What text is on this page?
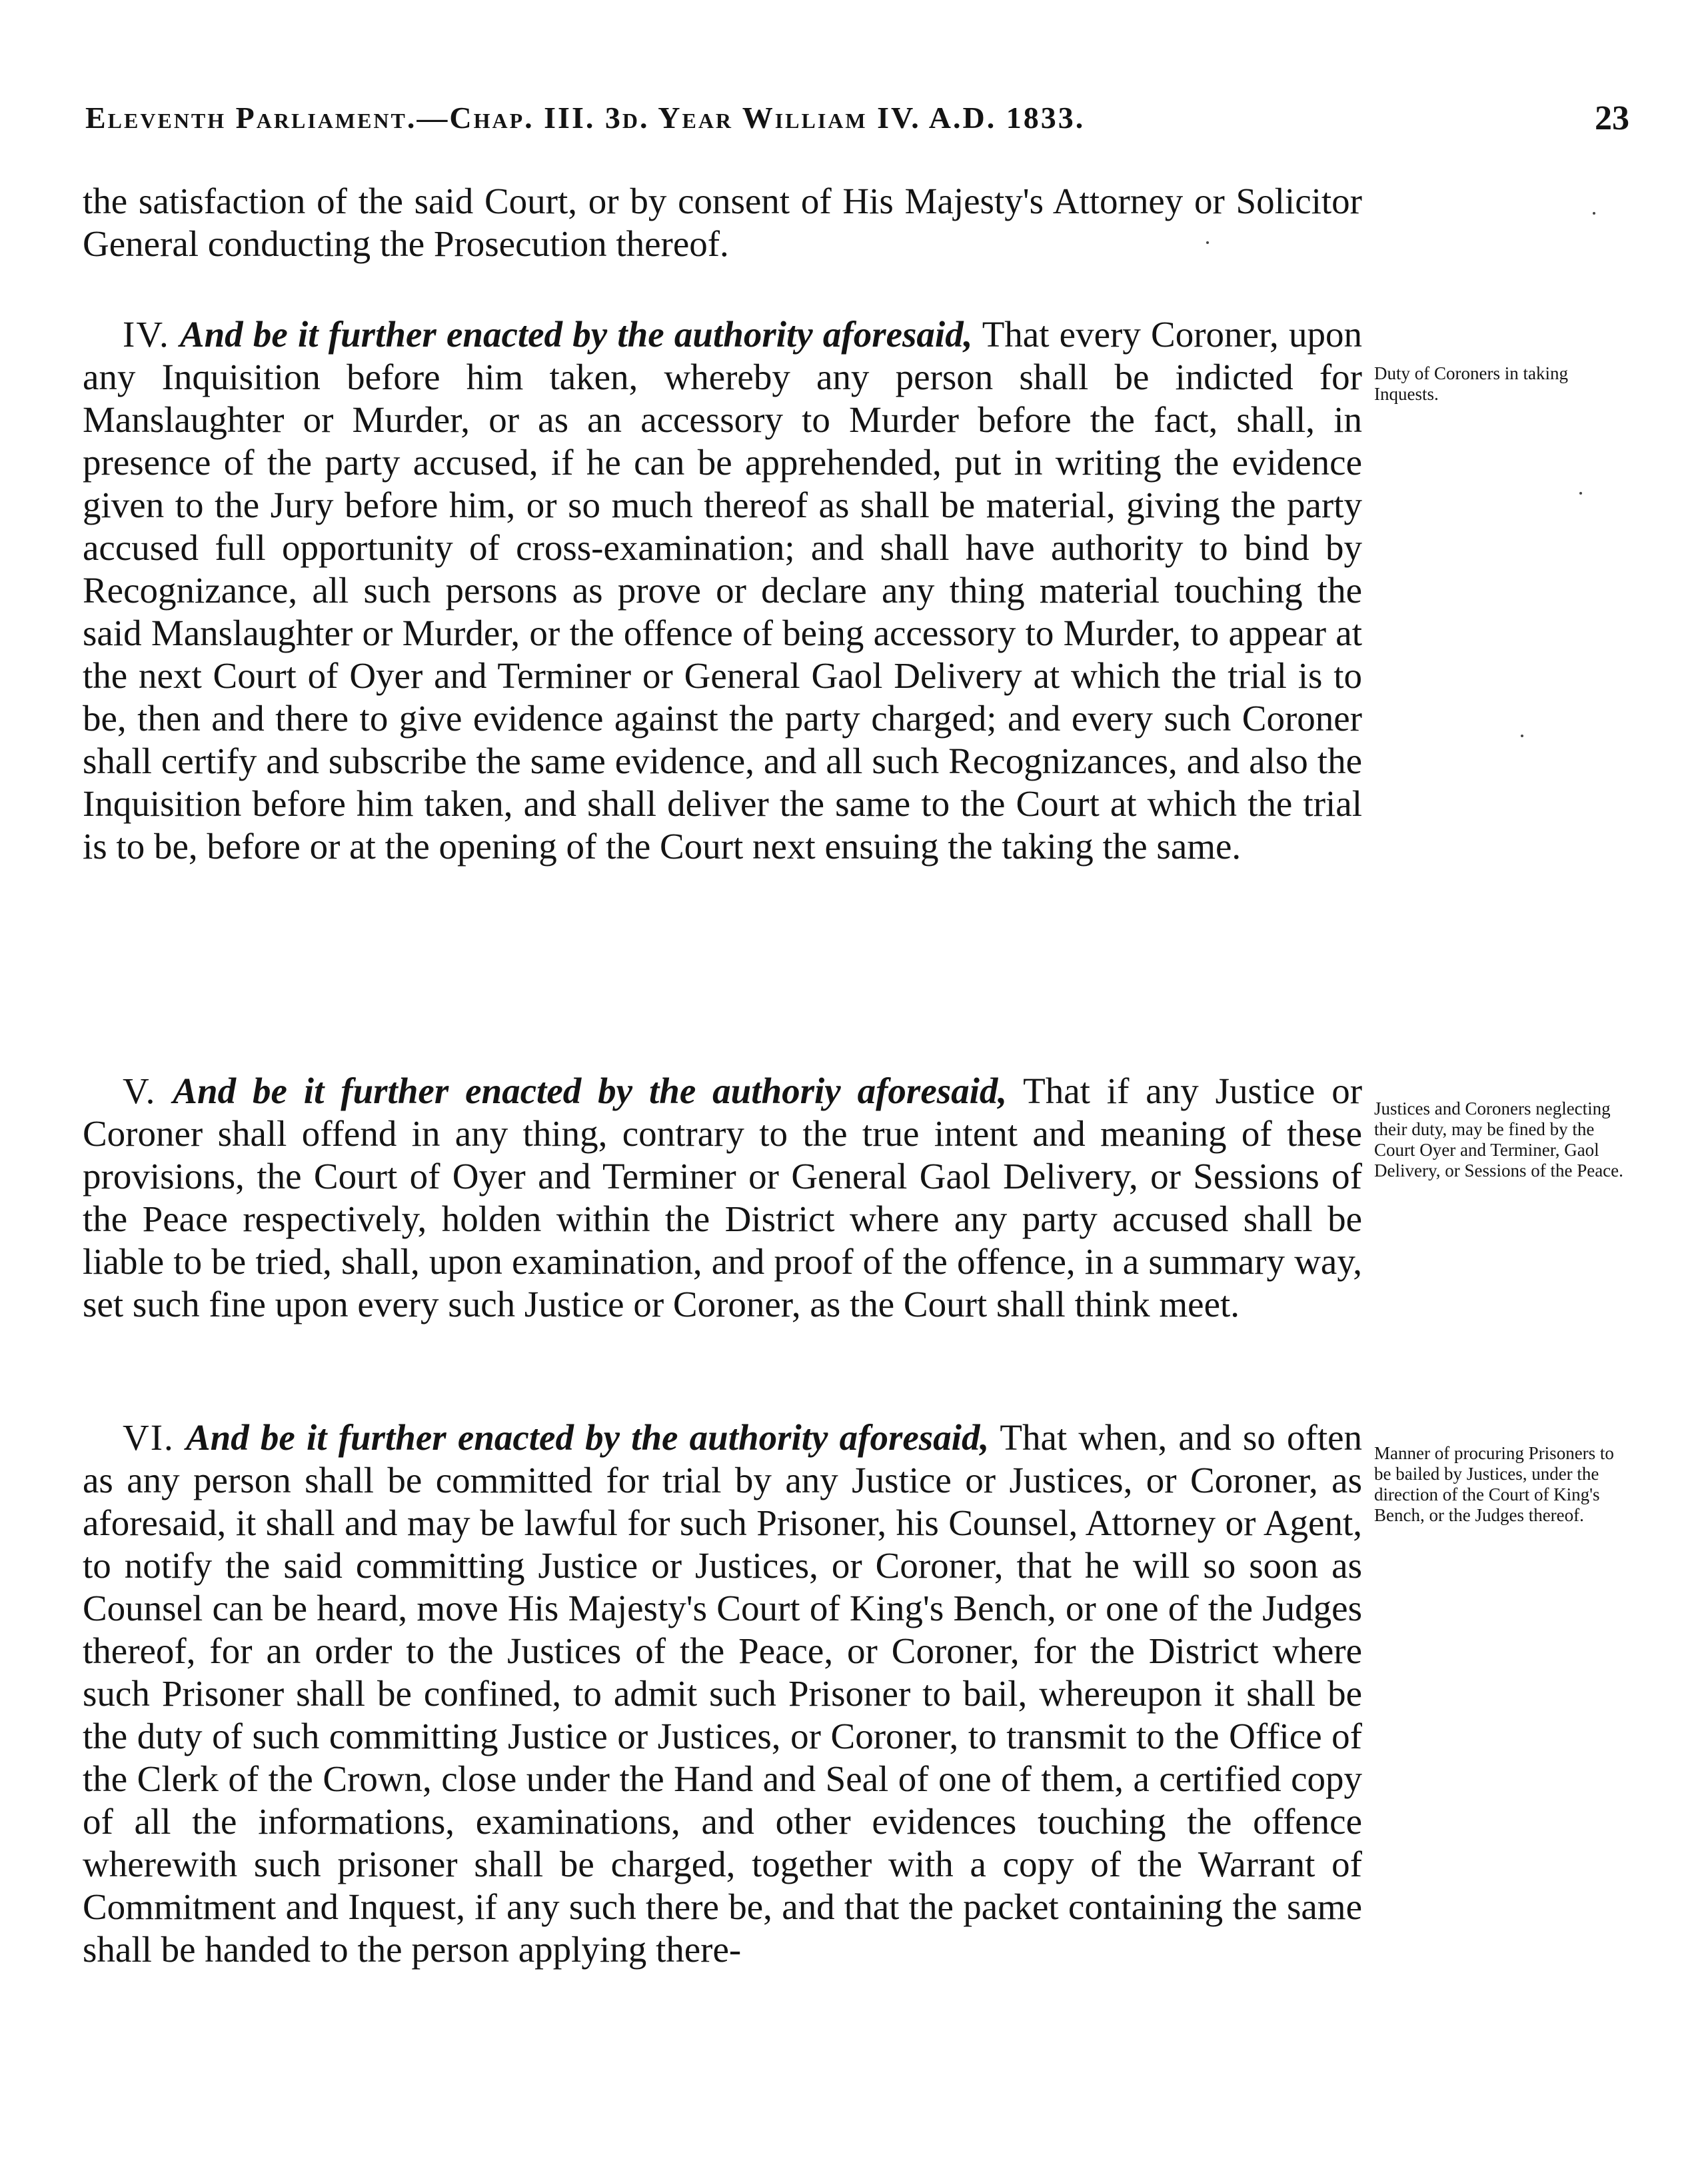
Eleventh Parliament.—Chap. III. 3d. Year William IV. A.D. 1833.	23

the satisfaction of the said Court, or by consent of His Majesty's Attorney or Solicitor General conducting the Prosecution thereof.

IV. And be it further enacted by the authority aforesaid, That every Coroner, upon any Inquisition before him taken, whereby any person shall be indicted for Manslaughter or Murder, or as an accessory to Murder before the fact, shall, in presence of the party accused, if he can be apprehended, put in writing the evidence given to the Jury before him, or so much thereof as shall be material, giving the party accused full opportunity of cross-examination; and shall have authority to bind by Recognizance, all such persons as prove or declare any thing material touching the said Manslaughter or Murder, or the offence of being accessory to Murder, to appear at the next Court of Oyer and Terminer or General Gaol Delivery at which the trial is to be, then and there to give evidence against the party charged; and every such Coroner shall certify and subscribe the same evidence, and all such Recognizances, and also the Inquisition before him taken, and shall deliver the same to the Court at which the trial is to be, before or at the opening of the Court next ensuing the taking the same.

Duty of Coroners in taking Inquests.

V. And be it further enacted by the authoriy aforesaid, That if any Justice or Coroner shall offend in any thing, contrary to the true intent and meaning of these provisions, the Court of Oyer and Terminer or General Gaol Delivery, or Sessions of the Peace respectively, holden within the District where any party accused shall be liable to be tried, shall, upon examination, and proof of the offence, in a summary way, set such fine upon every such Justice or Coroner, as the Court shall think meet.

Justices and Coroners neglecting their duty, may be fined by the Court Oyer and Terminer, Gaol Delivery, or Sessions of the Peace.

VI. And be it further enacted by the authority aforesaid, That when, and so often as any person shall be committed for trial by any Justice or Justices, or Coroner, as aforesaid, it shall and may be lawful for such Prisoner, his Counsel, Attorney or Agent, to notify the said committing Justice or Justices, or Coroner, that he will so soon as Counsel can be heard, move His Majesty's Court of King's Bench, or one of the Judges thereof, for an order to the Justices of the Peace, or Coroner, for the District where such Prisoner shall be confined, to admit such Prisoner to bail, whereupon it shall be the duty of such committing Justice or Justices, or Coroner, to transmit to the Office of the Clerk of the Crown, close under the Hand and Seal of one of them, a certified copy of all the informations, examinations, and other evidences touching the offence wherewith such prisoner shall be charged, together with a copy of the Warrant of Commitment and Inquest, if any such there be, and that the packet containing the same shall be handed to the person applying there-

Manner of procuring Prisoners to be bailed by Justices, under the direction of the Court of King's Bench, or the Judges thereof.
